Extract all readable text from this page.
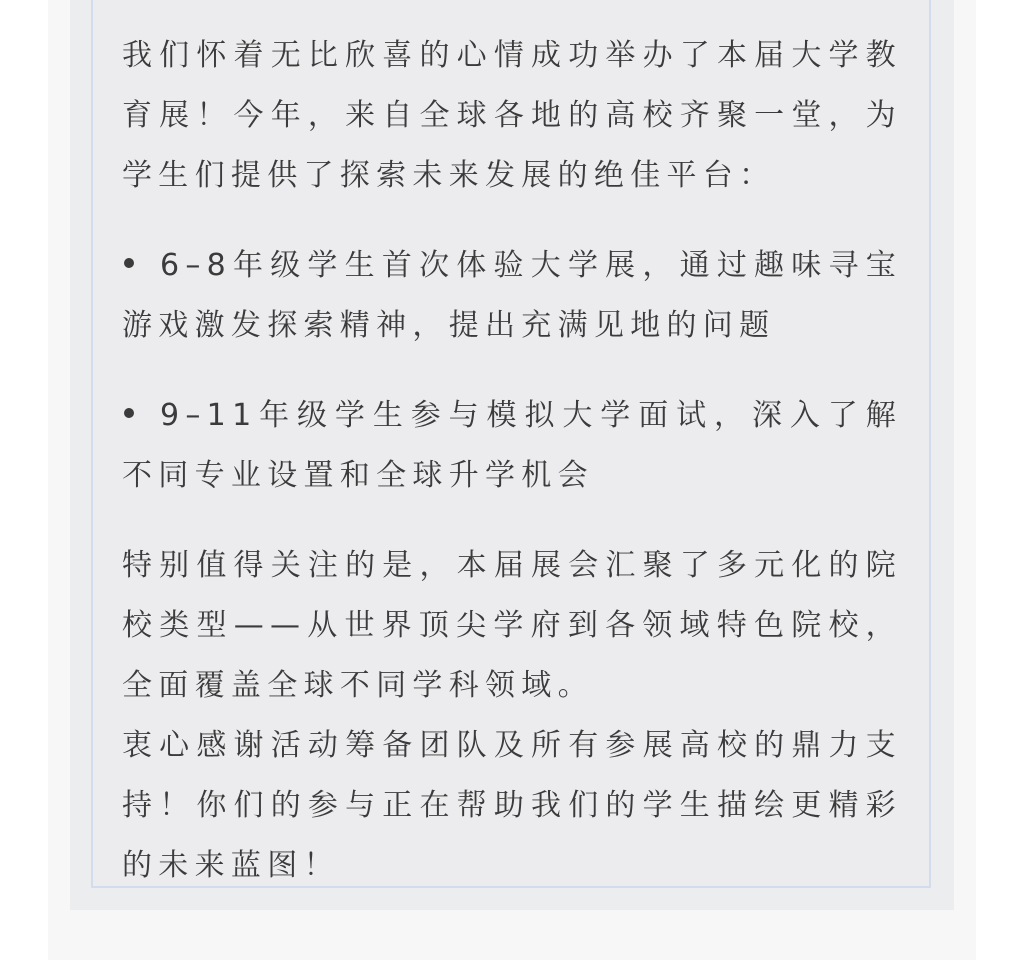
我们怀着无比欣喜的心情成功举办了本届大学教育展！今年，来自全球各地的高校齐聚一堂，为学生们提供了探索未来发展的绝佳平台：

6–8年级学生首次体验大学展，通过趣味寻宝游戏激发探索精神，提出充满见地的问题

9–11年级学生参与模拟大学面试，深入了解不同专业设置和全球升学机会

特别值得关注的是，本届展会汇聚了多元化的院校类型——从世界顶尖学府到各领域特色院校，全面覆盖全球不同学科领域。

衷心感谢活动筹备团队及所有参展高校的鼎力支持！你们的参与正在帮助我们的学生描绘更精彩的未来蓝图！
